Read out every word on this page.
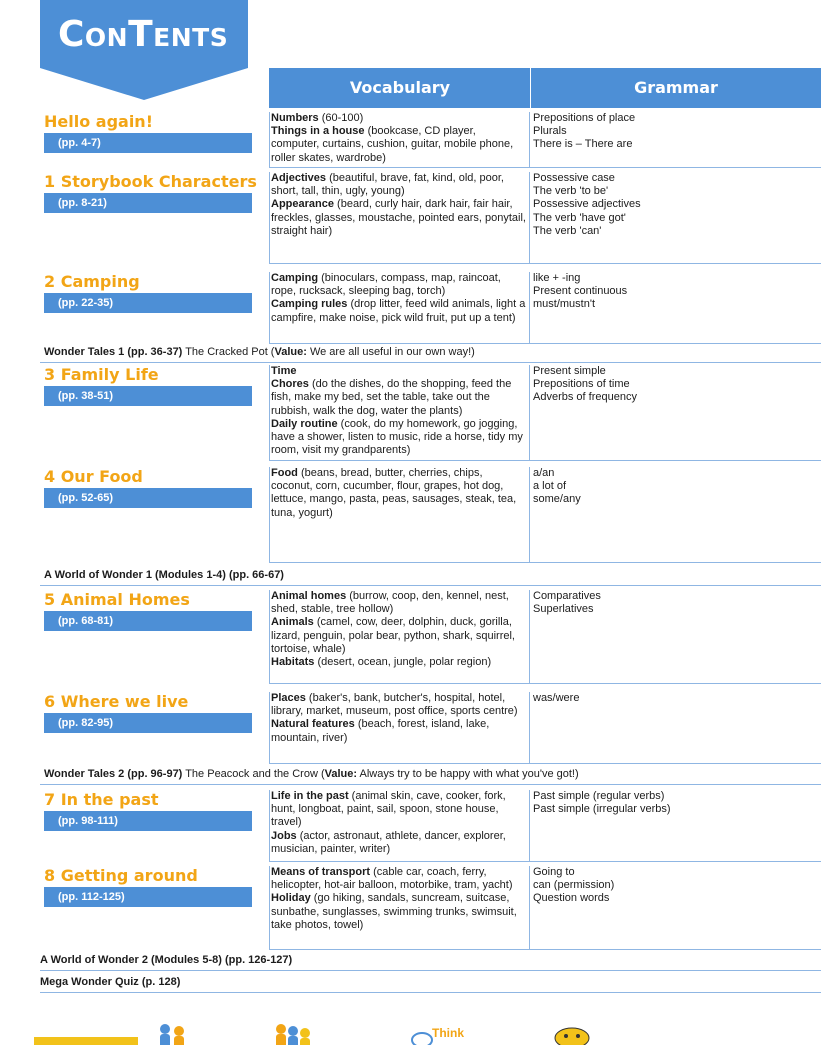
ConTents
Vocabulary	Grammar
Hello again!
(pp. 4-7)
Numbers (60-100)
Things in a house (bookcase, CD player, computer, curtains, cushion, guitar, mobile phone, roller skates, wardrobe)
Prepositions of place
Plurals
There is – There are
1 Storybook Characters
(pp. 8-21)
Adjectives (beautiful, brave, fat, kind, old, poor, short, tall, thin, ugly, young)
Appearance (beard, curly hair, dark hair, fair hair, freckles, glasses, moustache, pointed ears, ponytail, straight hair)
Possessive case
The verb 'to be'
Possessive adjectives
The verb 'have got'
The verb 'can'
2 Camping
(pp. 22-35)
Camping (binoculars, compass, map, raincoat, rope, rucksack, sleeping bag, torch)
Camping rules (drop litter, feed wild animals, light a campfire, make noise, pick wild fruit, put up a tent)
like + -ing
Present continuous
must/mustn't
3 Family Life
(pp. 38-51)
Time
Chores (do the dishes, do the shopping, feed the fish, make my bed, set the table, take out the rubbish, walk the dog, water the plants)
Daily routine (cook, do my homework, go jogging, have a shower, listen to music, ride a horse, tidy my room, visit my grandparents)
Present simple
Prepositions of time
Adverbs of frequency
4 Our Food
(pp. 52-65)
Food (beans, bread, butter, cherries, chips, coconut, corn, cucumber, flour, grapes, hot dog, lettuce, mango, pasta, peas, sausages, steak, tea, tuna, yogurt)
a/an
a lot of
some/any
5 Animal Homes
(pp. 68-81)
Animal homes (burrow, coop, den, kennel, nest, shed, stable, tree hollow)
Animals (camel, cow, deer, dolphin, duck, gorilla, lizard, penguin, polar bear, python, shark, squirrel, tortoise, whale)
Habitats (desert, ocean, jungle, polar region)
Comparatives
Superlatives
6 Where we live
(pp. 82-95)
Places (baker's, bank, butcher's, hospital, hotel, library, market, museum, post office, sports centre)
Natural features (beach, forest, island, lake, mountain, river)
was/were
7 In the past
(pp. 98-111)
Life in the past (animal skin, cave, cooker, fork, hunt, longboat, paint, sail, spoon, stone house, travel)
Jobs (actor, astronaut, athlete, dancer, explorer, musician, painter, writer)
Past simple (regular verbs)
Past simple (irregular verbs)
8 Getting around
(pp. 112-125)
Means of transport (cable car, coach, ferry, helicopter, hot-air balloon, motorbike, tram, yacht)
Holiday (go hiking, sandals, suncream, suitcase, sunbathe, sunglasses, swimming trunks, swimsuit, take photos, towel)
Going to
can (permission)
Question words
Wonder Tales 1 (pp. 36-37) The Cracked Pot (Value: We are all useful in our own way!)
A World of Wonder 1 (Modules 1-4) (pp. 66-67)
Wonder Tales 2 (pp. 96-97) The Peacock and the Crow (Value: Always try to be happy with what you've got!)
A World of Wonder 2 (Modules 5-8) (pp. 126-127)
Mega Wonder Quiz (p. 128)
Think
